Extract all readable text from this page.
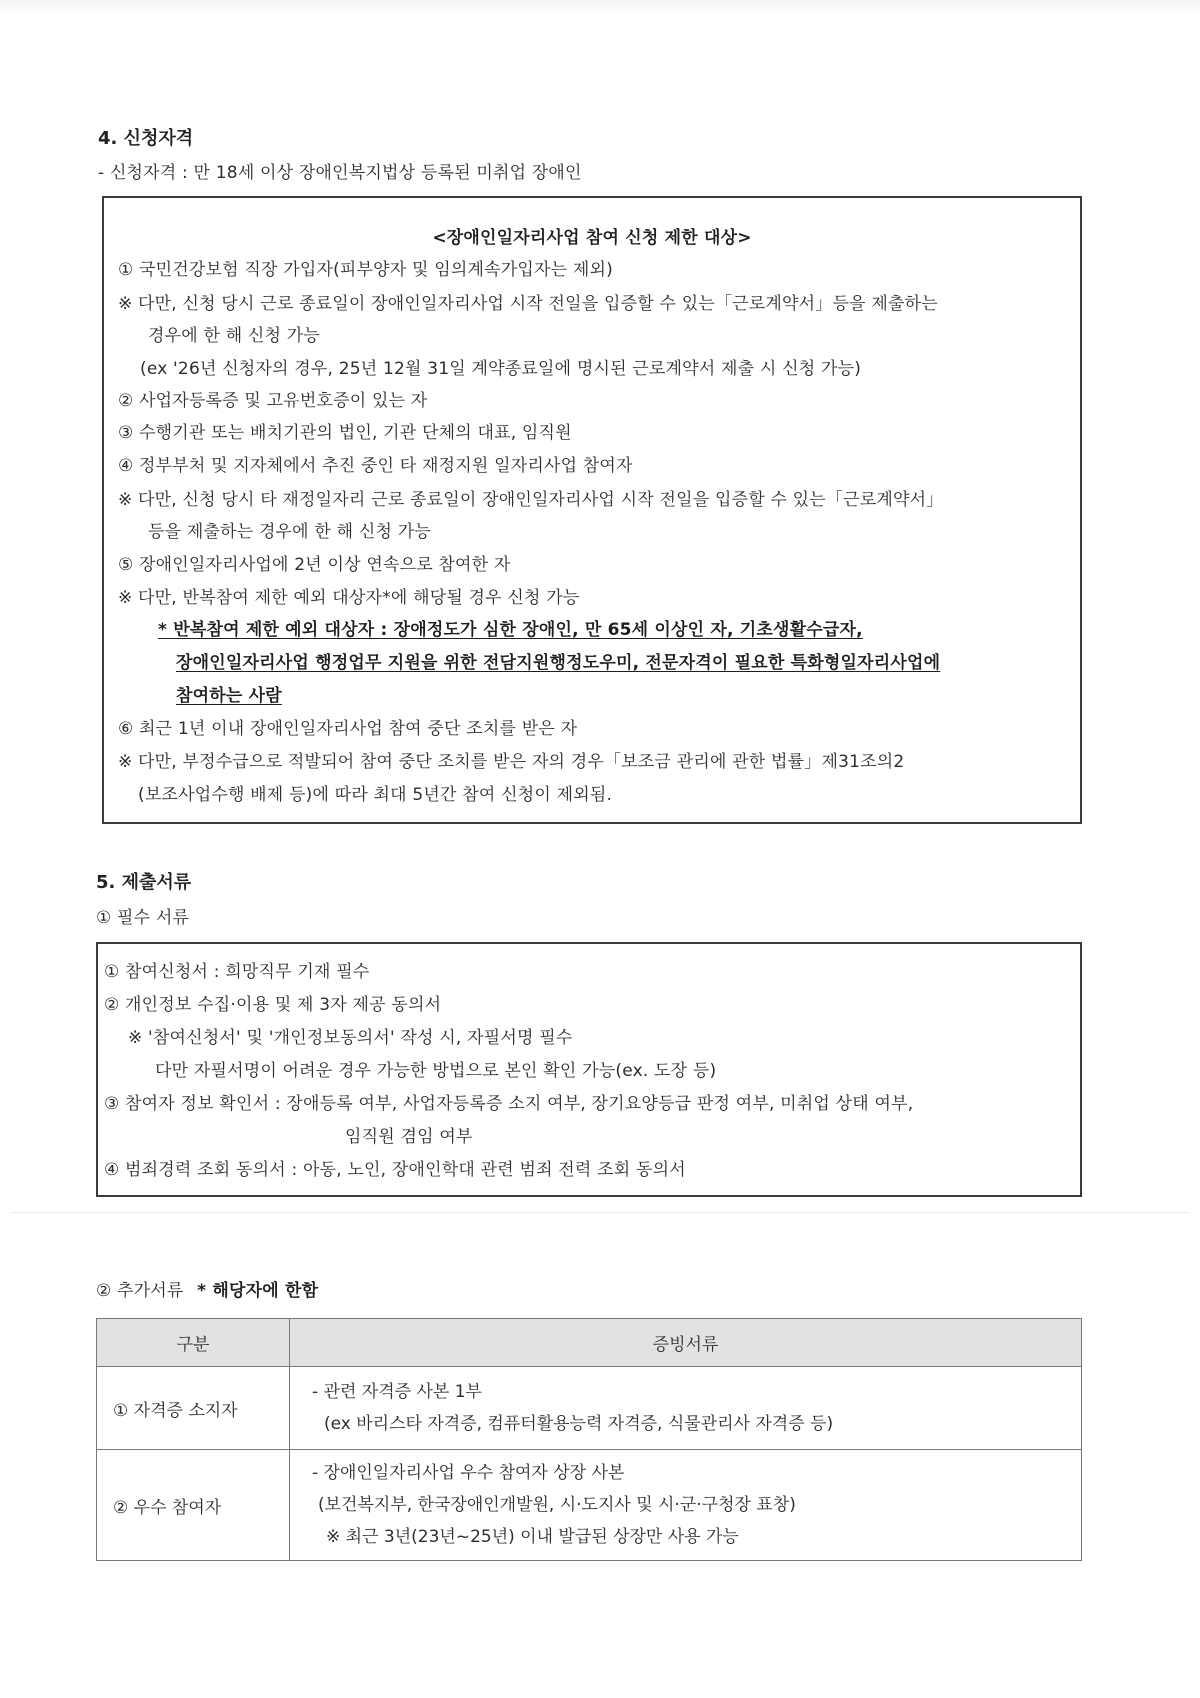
4. 신청자격
- 신청자격 : 만 18세 이상 장애인복지법상 등록된 미취업 장애인
<장애인일자리사업 참여 신청 제한 대상>
① 국민건강보험 직장 가입자(피부양자 및 임의계속가입자는 제외)
※ 다만, 신청 당시 근로 종료일이 장애인일자리사업 시작 전일을 입증할 수 있는「근로계약서」등을 제출하는
경우에 한 해 신청 가능
(ex '26년 신청자의 경우, 25년 12월 31일 계약종료일에 명시된 근로계약서 제출 시 신청 가능)
② 사업자등록증 및 고유번호증이 있는 자
③ 수행기관 또는 배치기관의 법인, 기관 단체의 대표, 임직원
④ 정부부처 및 지자체에서 추진 중인 타 재정지원 일자리사업 참여자
※ 다만, 신청 당시 타 재정일자리 근로 종료일이 장애인일자리사업 시작 전일을 입증할 수 있는「근로계약서」
등을 제출하는 경우에 한 해 신청 가능
⑤ 장애인일자리사업에 2년 이상 연속으로 참여한 자
※ 다만, 반복참여 제한 예외 대상자*에 해당될 경우 신청 가능
* 반복참여 제한 예외 대상자 : 장애정도가 심한 장애인, 만 65세 이상인 자, 기초생활수급자,
장애인일자리사업 행정업무 지원을 위한 전담지원행정도우미, 전문자격이 필요한 특화형일자리사업에
참여하는 사람
⑥ 최근 1년 이내 장애인일자리사업 참여 중단 조치를 받은 자
※ 다만, 부정수급으로 적발되어 참여 중단 조치를 받은 자의 경우「보조금 관리에 관한 법률」제31조의2
(보조사업수행 배제 등)에 따라 최대 5년간 참여 신청이 제외됨.
5. 제출서류
① 필수 서류
① 참여신청서 : 희망직무 기재 필수
② 개인정보 수집·이용 및 제 3자 제공 동의서
※ '참여신청서' 및 '개인정보동의서' 작성 시, 자필서명 필수
다만 자필서명이 어려운 경우 가능한 방법으로 본인 확인 가능(ex. 도장 등)
③ 참여자 정보 확인서 : 장애등록 여부, 사업자등록증 소지 여부, 장기요양등급 판정 여부, 미취업 상태 여부,
임직원 겸임 여부
④ 범죄경력 조회 동의서 : 아동, 노인, 장애인학대 관련 범죄 전력 조회 동의서
② 추가서류 * 해당자에 한함
구분	증빙서류
① 자격증 소지자	- 관련 자격증 사본 1부
(ex 바리스타 자격증, 컴퓨터활용능력 자격증, 식물관리사 자격증 등)

② 우수 참여자	- 장애인일자리사업 우수 참여자 상장 사본
(보건복지부, 한국장애인개발원, 시·도지사 및 시·군·구청장 표창)
※ 최근 3년(23년~25년) 이내 발급된 상장만 사용 가능
